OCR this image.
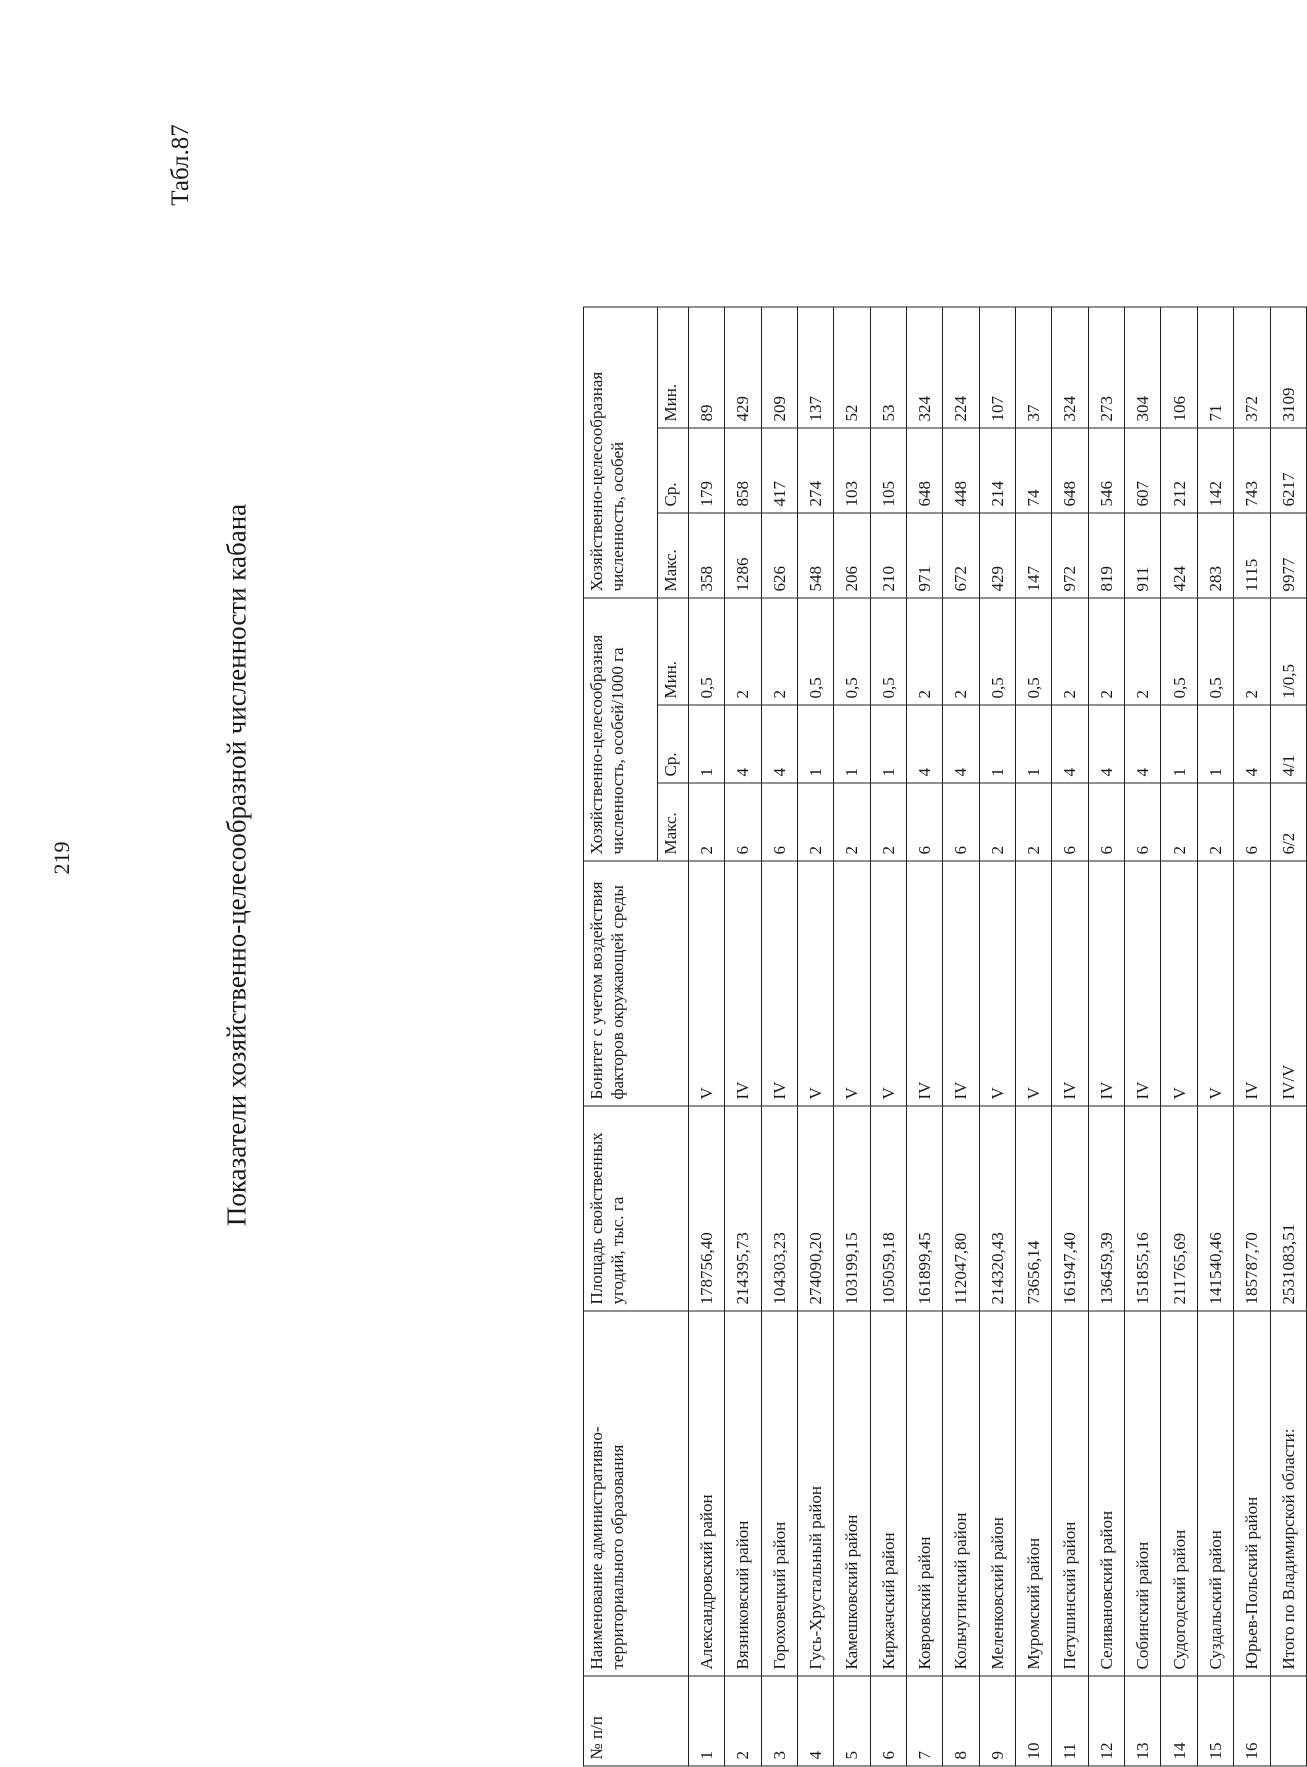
219
Табл.87
Показатели хозяйственно-целесообразной численности кабана
№ п/п	Наименование административно-территориального образования	Площадь свойственных угодий, тыс. га	Бонитет с учетом воздействия факторов окружающей среды	Хозяйственно-целесообразная численность, особей/1000 га			Хозяйственно-целесообразная численность, особей		
				Макс.	Ср.	Мин.	Макс.	Ср.	Мин.
1	Александровский район	178756,40	V	2	1	0,5	358	179	89
2	Вязниковский район	214395,73	IV	6	4	2	1286	858	429
3	Гороховецкий район	104303,23	IV	6	4	2	626	417	209
4	Гусь-Хрустальный район	274090,20	V	2	1	0,5	548	274	137
5	Камешковский район	103199,15	V	2	1	0,5	206	103	52
6	Киржачский район	105059,18	V	2	1	0,5	210	105	53
7	Ковровский район	161899,45	IV	6	4	2	971	648	324
8	Кольчугинский район	112047,80	IV	6	4	2	672	448	224
9	Меленковский район	214320,43	V	2	1	0,5	429	214	107
10	Муромский район	73656,14	V	2	1	0,5	147	74	37
11	Петушинский район	161947,40	IV	6	4	2	972	648	324
12	Селивановский район	136459,39	IV	6	4	2	819	546	273
13	Собинский район	151855,16	IV	6	4	2	911	607	304
14	Судогодский район	211765,69	V	2	1	0,5	424	212	106
15	Суздальский район	141540,46	V	2	1	0,5	283	142	71
16	Юрьев-Польский район	185787,70	IV	6	4	2	1115	743	372
	Итого по Владимирской области:	2531083,51	IV/V	6/2	4/1	1/0,5	9977	6217	3109
